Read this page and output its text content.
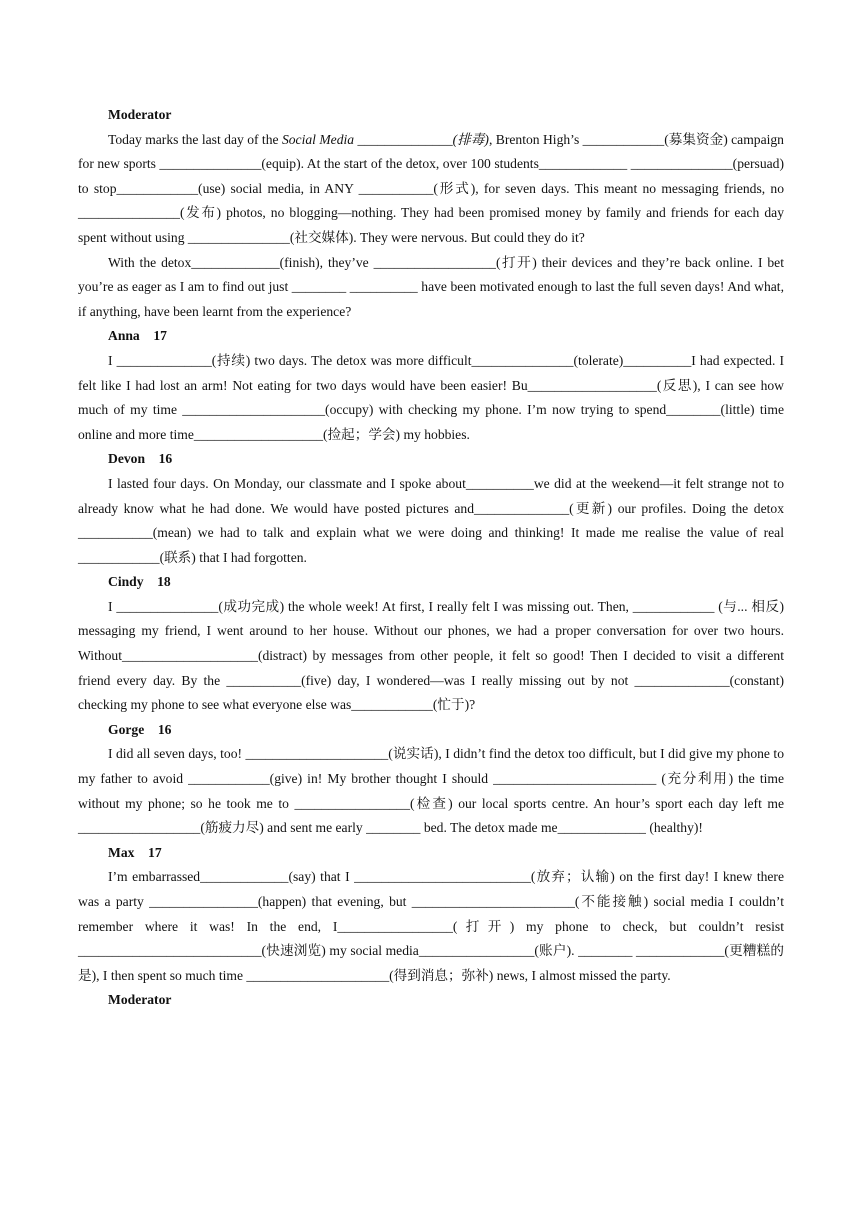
Moderator
Today marks the last day of the Social Media ______________(排毒), Brenton High’s ____________(募集资金) campaign for new sports _______________(equip). At the start of the detox, over 100 students_____________ _______________(persuad) to stop____________(use) social media, in ANY ___________(形式), for seven days. This meant no messaging friends, no _______________(发布) photos, no blogging—nothing. They had been promised money by family and friends for each day spent without using _______________(社交媒体). They were nervous. But could they do it?
With the detox_____________(finish), they’ve __________________(打开) their devices and they’re back online. I bet you’re as eager as I am to find out just ________ __________ have been motivated enough to last the full seven days! And what, if anything, have been learnt from the experience?
Anna　17
I ______________(持续) two days. The detox was more difficult_______________(tolerate)__________I had expected. I felt like I had lost an arm! Not eating for two days would have been easier! Bu___________________(反思), I can see how much of my time _____________________(occupy) with checking my phone. I’m now trying to spend________(little) time online and more time___________________(捡起；学会) my hobbies.
Devon　16
I lasted four days. On Monday, our classmate and I spoke about__________we did at the weekend—it felt strange not to already know what he had done. We would have posted pictures and______________(更新) our profiles. Doing the detox ___________(mean) we had to talk and explain what we were doing and thinking! It made me realise the value of real ____________(联系) that I had forgotten.
Cindy　18
I _______________(成功完成) the whole week! At first, I really felt I was missing out. Then, ____________ (与... 相反) messaging my friend, I went around to her house. Without our phones, we had a proper conversation for over two hours. Without____________________(distract) by messages from other people, it felt so good! Then I decided to visit a different friend every day. By the ___________(five) day, I wondered—was I really missing out by not ______________(constant) checking my phone to see what everyone else was____________(忙于)?
Gorge　16
I did all seven days, too! _____________________(说实话), I didn’t find the detox too difficult, but I did give my phone to my father to avoid ____________(give) in! My brother thought I should ________________________ (充分利用) the time without my phone; so he took me to _________________(检查) our local sports centre. An hour’s sport each day left me __________________(筋疲力尽) and sent me early ________ bed. The detox made me_____________ (healthy)!
Max　17
I’m embarrassed_____________(say) that I __________________________(放弃；认输) on the first day! I knew there was a party ________________(happen) that evening, but ________________________(不能接触) social media I couldn’t remember where it was! In the end, I_________________(打开) my phone to check, but couldn’t resist ___________________________(快速浏览) my social media_________________(账户). ________ _____________(更糟糕的是), I then spent so much time _____________________(得到消息；弥补) news, I almost missed the party.
Moderator
